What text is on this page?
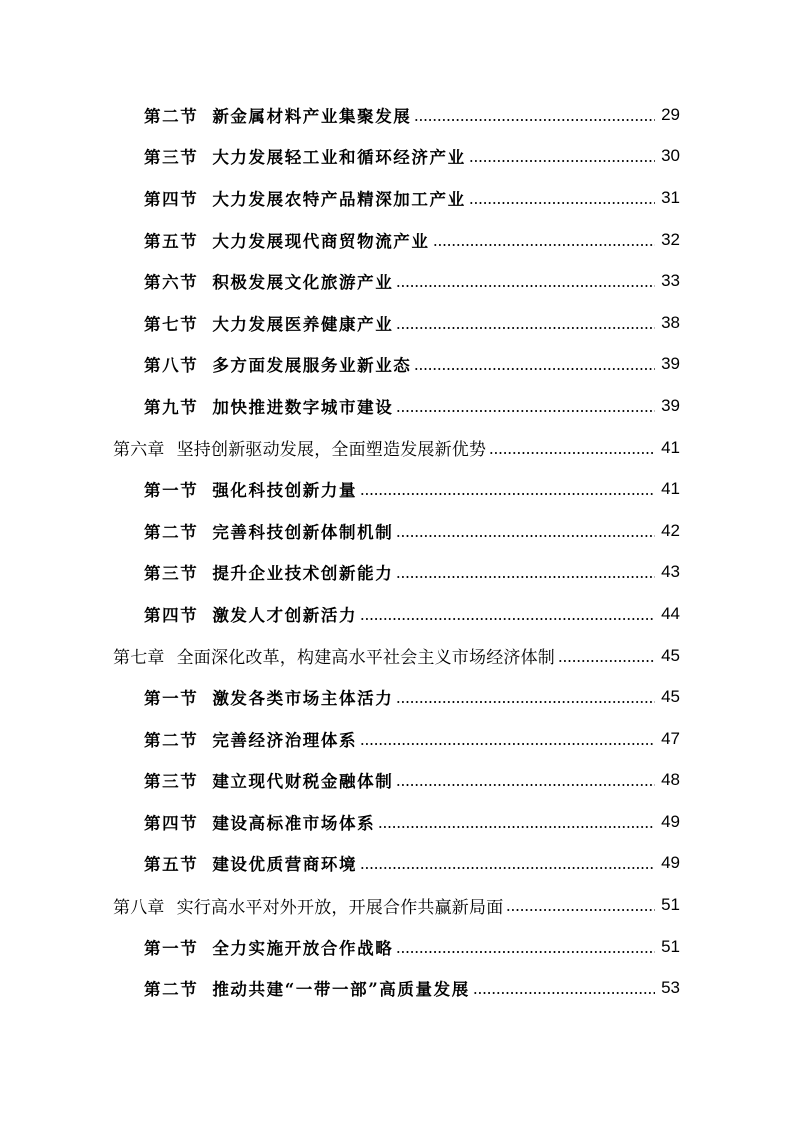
第二节 新金属材料产业集聚发展	29
第三节 大力发展轻工业和循环经济产业	30
第四节 大力发展农特产品精深加工产业	31
第五节 大力发展现代商贸物流产业	32
第六节 积极发展文化旅游产业	33
第七节 大力发展医养健康产业	38
第八节 多方面发展服务业新业态	39
第九节 加快推进数字城市建设	39
第六章 坚持创新驱动发展，全面塑造发展新优势	41
第一节 强化科技创新力量	41
第二节 完善科技创新体制机制	42
第三节 提升企业技术创新能力	43
第四节 激发人才创新活力	44
第七章 全面深化改革，构建高水平社会主义市场经济体制	45
第一节 激发各类市场主体活力	45
第二节 完善经济治理体系	47
第三节 建立现代财税金融体制	48
第四节 建设高标准市场体系	49
第五节 建设优质营商环境	49
第八章 实行高水平对外开放，开展合作共赢新局面	51
第一节 全力实施开放合作战略	51
第二节 推动共建“一带一部”高质量发展	53
